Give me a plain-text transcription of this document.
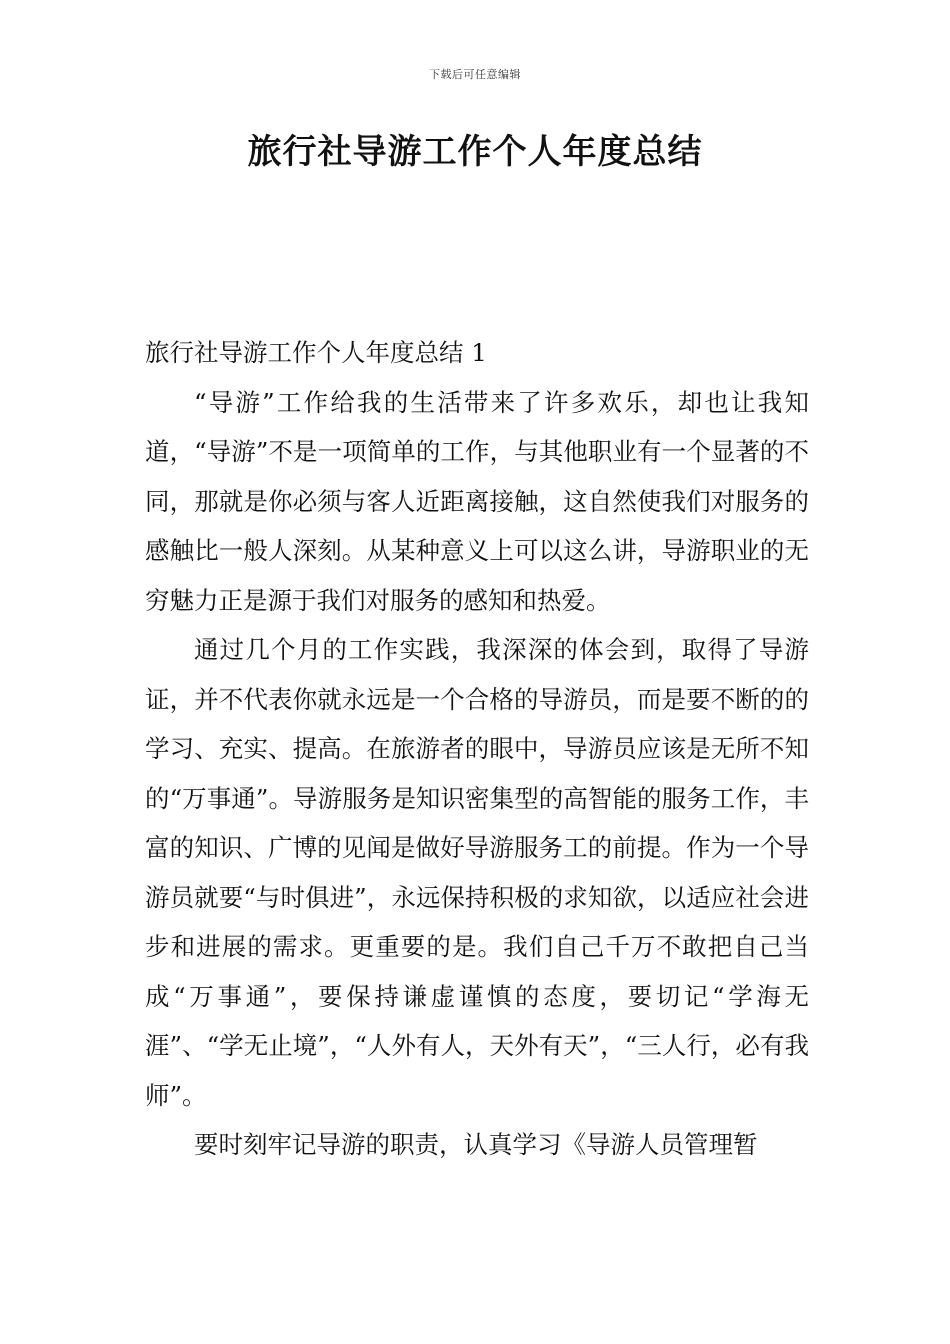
下载后可任意编辑
旅行社导游工作个人年度总结
旅行社导游工作个人年度总结 1

“导游”工作给我的生活带来了许多欢乐，却也让我知道，“导游”不是一项简单的工作，与其他职业有一个显著的不同，那就是你必须与客人近距离接触，这自然使我们对服务的感触比一般人深刻。从某种意义上可以这么讲，导游职业的无穷魅力正是源于我们对服务的感知和热爱。

通过几个月的工作实践，我深深的体会到，取得了导游证，并不代表你就永远是一个合格的导游员，而是要不断的的学习、充实、提高。在旅游者的眼中，导游员应该是无所不知的“万事通”。导游服务是知识密集型的高智能的服务工作，丰富的知识、广博的见闻是做好导游服务工的前提。作为一个导游员就要“与时俱进”，永远保持积极的求知欲，以适应社会进步和进展的需求。更重要的是。我们自己千万不敢把自己当成“万事通”，要保持谦虚谨慎的态度，要切记“学海无涯”、“学无止境”，“人外有人，天外有天”，“三人行，必有我师”。

要时刻牢记导游的职责，认真学习《导游人员管理暂
